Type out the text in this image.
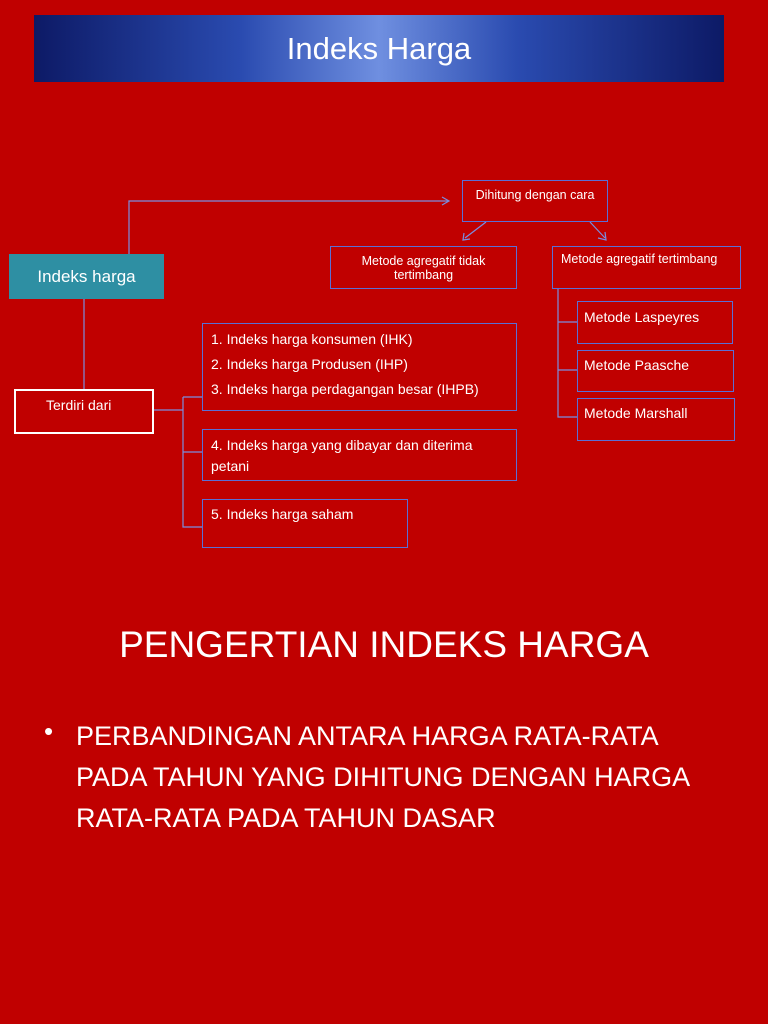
Indeks Harga
Indeks harga
Dihitung dengan cara
Metode agregatif tidak tertimbang
Metode agregatif tertimbang
Metode Laspeyres
Metode Paasche
Metode Marshall
Terdiri dari
1. Indeks harga konsumen (IHK)
2. Indeks harga Produsen (IHP)
3. Indeks harga perdagangan besar (IHPB)
4. Indeks harga yang dibayar dan diterima petani
5. Indeks harga saham
PENGERTIAN INDEKS HARGA
• PERBANDINGAN ANTARA HARGA RATA-RATA PADA TAHUN YANG DIHITUNG DENGAN HARGA RATA-RATA PADA TAHUN DASAR
